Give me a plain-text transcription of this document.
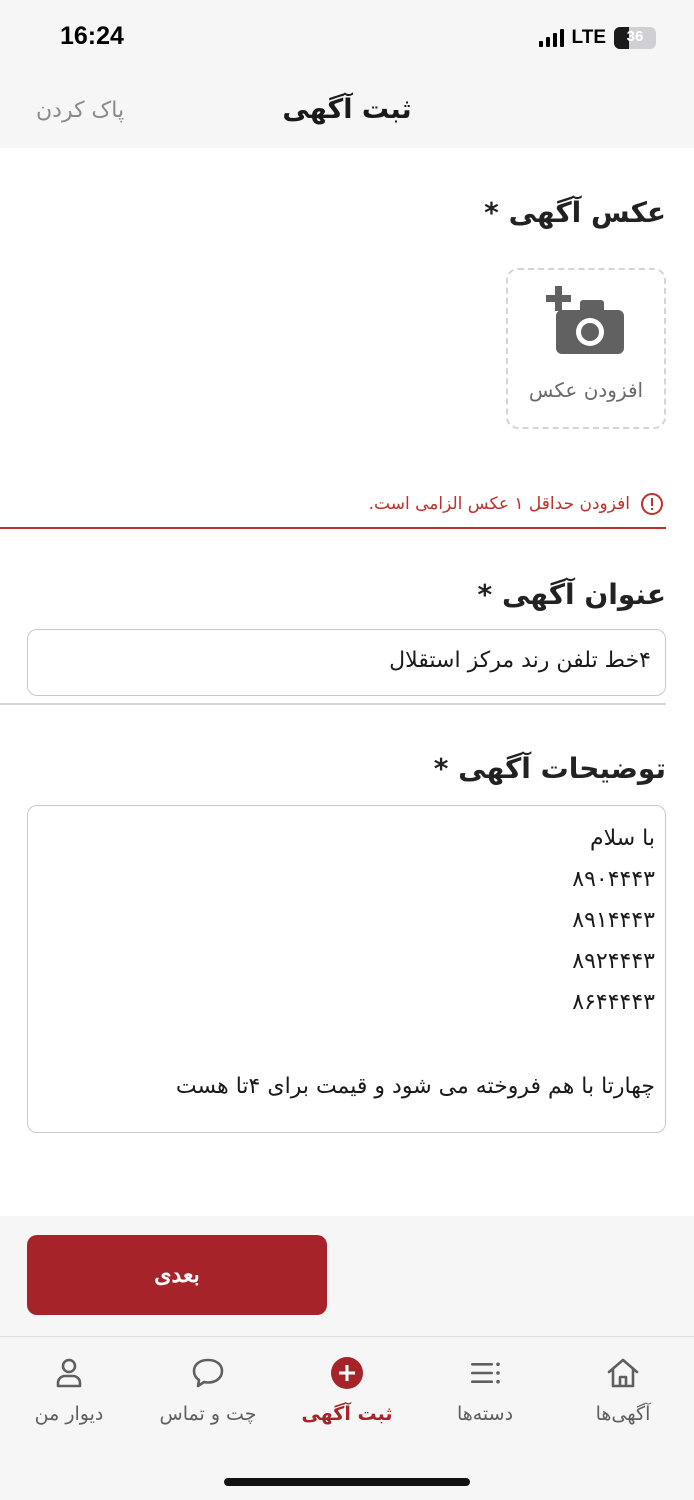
16:24	LTE	36
ثبت آگهی
پاک کردن
عکس آگهی *
افزودن عکس
افزودن حداقل ۱ عکس الزامی است.
عنوان آگهی *
۴خط تلفن رند مرکز استقلال
توضیحات آگهی *
با سلام
۸۹۰۴۴۴۳
۸۹۱۴۴۴۳
۸۹۲۴۴۴۳
۸۶۴۴۴۴۳
چهارتا با هم فروخته می شود و قیمت برای ۴تا هست
بعدی
دیوار من	چت و تماس	ثبت آگهی	دسته‌ها	آگهی‌ها
